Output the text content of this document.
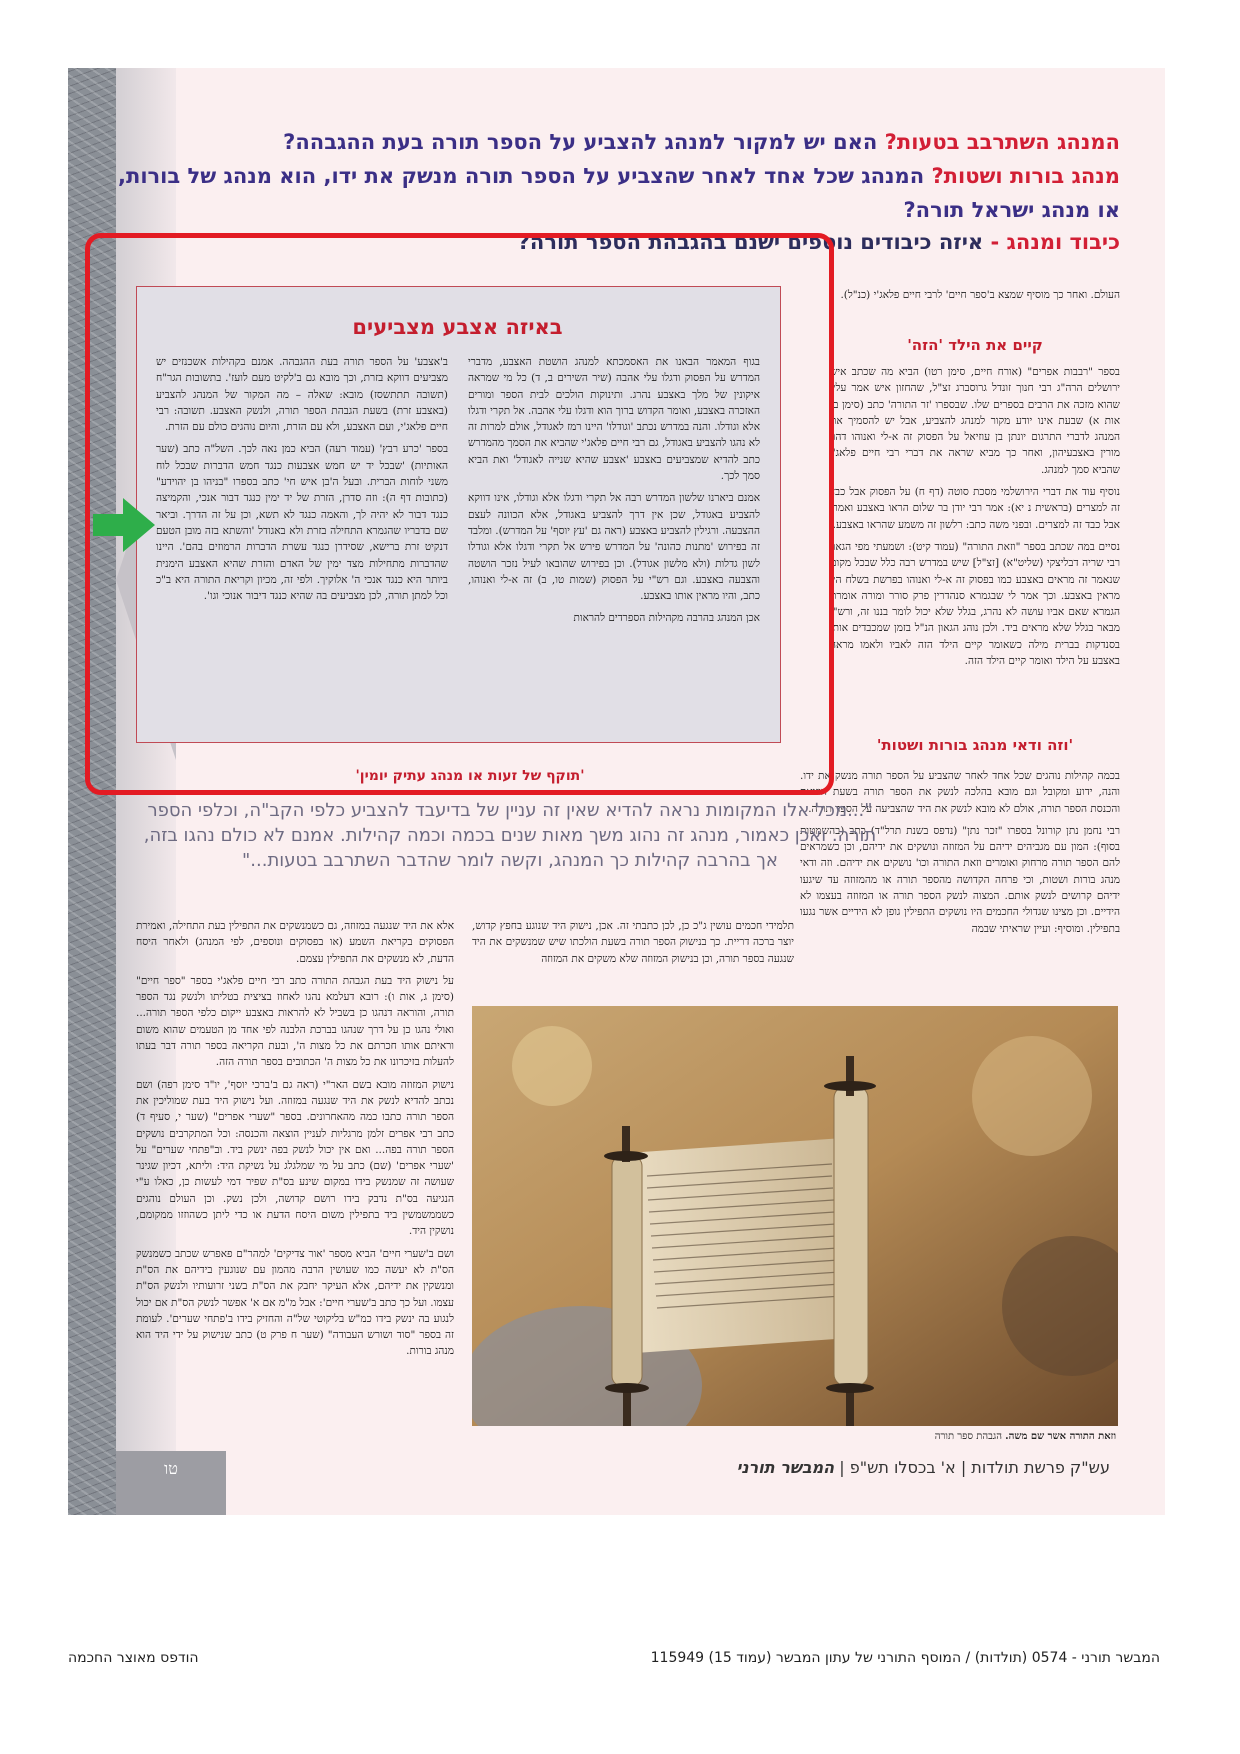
המנהג השתרבב בטעות? האם יש למקור למנהג להצביע על הספר תורה בעת ההגבהה?
מנהג בורות ושטות? המנהג שכל אחד לאחר שהצביע על הספר תורה מנשק את ידו, הוא מנהג של בורות,
או מנהג ישראל תורה?
כיבוד ומנהג - איזה כיבודים נוספים ישנם בהגבהת הספר תורה?

העולם. ואחר כך מוסיף שמצא ב'ספר חיים' לרבי חיים פלאג'י (כנ"ל).

קיים את הילד 'הזה'

בספר "רבבות אפרים" (אורח חיים, סימן רטו) הביא מה שכתב איש ירושלים הרה"ג רבי חנוך זונדל גרוסברג זצ"ל, שהחזון איש אמר עליו שהוא מזכה את הרבים בספרים שלו. שבספרו 'זר התורה' כתב (סימן ב, אות א) שבעת אינו יודע מקור למנהג להצביע, אבל יש להסמיך את המנהג לדברי התרגום יונתן בן עוזיאל על הפסוק זה א-לי ואנוהו דהוו מורין באצבעיהון, ואחר כך מביא שראה את דברי רבי חיים פלאג'י שהביא סמך למנהג.

נוסיף עוד את דברי הירושלמי מסכת סוטה (דף ח) על הפסוק אבל כבד זה למצרים (בראשית נ יא): אמר רבי יודן בר שלום הראו באצבע ואמרו אבל כבד זה למצרים. ובפני משה כתב: רלשון זה משמע שהראו באצבע.

נסיים במה שכתב בספר "וזאת התורה" (עמוד קיט): ושמעתי מפי הגאון רבי שריה דבליצקי (שליט"א) [זצ"ל] שיש במדרש רבה כלל שבכל מקום שנאמר זה מראים באצבע כמו בפסוק זה א-לי ואנוהו בפרשת בשלח היו מראין באצבע. וכך אמר לי שבגמרא סנהדרין פרק סורר ומורה אומרת הגמרא שאם אביו עושה לא נהרג, בגלל שלא יכול לומר בננו זה, ורש"י מבאר בגלל שלא מראים ביד. ולכן נוהג הגאון הנ"ל בזמן שמכבדים אותו בסנדקות בברית מילה כשאומר קיים הילד הזה לאביו ולאמו מראה באצבע על הילד ואומר קיים הילד הזה.

'וזה ודאי מנהג בורות ושטות'

בכמה קהילות נוהגים שכל אחד לאחר שהצביע על הספר תורה מנשק את ידו. והנה, ידוע ומקובל וגם מובא בהלכה לנשק את הספר תורה בשעת הוצאת והכנסת הספר תורה, אולם לא מובא לנשק את היד שהצביעה על הספר תורה.

רבי נחמן נתן קורונל בספרו "זכר נתן" (נדפס בשנת תרל"ד) כתב (בהשמטות בסוף): המון עם מגביהים ידיהם על המזוזה ונושקים את ידיהם, וכן כשמראים להם הספר תורה מרחוק ואומרים וזאת התורה וכו' נושקים את ידיהם. וזה ודאי מנהג בורות ושטות, וכי פרחה הקדושה מהספר תורה או מהמזוזה עד שיגעו ידיהם קרושים לנשק אותם. המצוה לנשק הספר תורה או המזוזה בעצמו לא הידיים. וכן מצינו שגדולי החכמים היו נושקים התפילין גופן לא הידיים אשר נגעו בתפילין. ומוסיף: ועיין שראיתי שבמה

באיזה אצבע מצביעים

בגוף המאמר הבאנו את האסמכתא למנהג הושטת האצבע, מדברי המדרש על הפסוק ודגלו עלי אהבה (שיר השירים ב, ד) כל מי שמראה איקונין של מלך באצבע נהרג. ותינוקות הולכים לבית הספר ומורים האזכרה באצבע, ואומר הקדוש ברוך הוא ודגלו עלי אהבה. אל תקרי ודגלו אלא וגודלו. והנה במדרש נכתב 'וגודלו' היינו רמז לאגודל, אולם למרות זה לא נהגו להצביע באגודל, גם רבי חיים פלאג'י שהביא את הסמך מהמדרש כתב להדיא שמצביעים באצבע 'אצבע שהיא שנייה לאגודל' ואת הביא סמך לכך.

אמנם ביארנו שלשון המדרש רבה אל תקרי ודגלו אלא וגודלו, אינו דווקא להצביע באגודל, שכן אין דרך להצביע באגודל, אלא הכוונה לעצם ההצבעה. ורגילין להצביע באצבע (ראה גם 'עץ יוסף' על המדרש). ומלבד זה בפירוש 'מתנות כהונה' על המדרש פירש אל תקרי ודגלו אלא וגודלו לשון גדלות (ולא מלשון אגודל). וכן בפירוש שהובאו לעיל נזכר הושטה והצבעה באצבע. וגם רש"י על הפסוק (שמות טו, ב) זה א-לי ואנוהו, כתב, והיו מראין אותו באצבע.

אכן המנהג בהרבה מקהילות הספרדים להראות

ב'אצבע' על הספר תורה בעת ההגבהה. אמנם בקהילות אשכנזים יש מצביעים דווקא בזרת, וכך מובא גם ב'לקיט מעם לועז'. בתשובות הגר"ח (תשובה תתתשסז) מובא: שאלה – מה המקור של המנהג להצביע (באצבע זרת) בשעת הגבהת הספר תורה, ולנשק האצבע. תשובה: רבי חיים פלאג'י, ועם האצבע, ולא עם הזרת, והיום נוהגים כולם עם הזרת.

בספר 'כרע רבץ' (עמוד רעה) הביא כמן נאה לכך. השל"ה כתב (שער האותיות) 'שבכל יד יש חמש אצבעות כנגד חמש הדברות שבכל לוח משני לוחות הברית. ובעל ה'בן איש חי' כתב בספרו "בניהו בן יהוידע" (כתובות דף ה): וזה סדרן, הזרת של יד ימין כנגד דבור אנכי, והקמיצה כנגד דבור לא יהיה לך, והאמה כנגד לא תשא, וכן על זה הדרך. וביאר שם בדבריו שהגמרא התחילה בזרת ולא באגודל 'והשתא בזה מובן הטעם דנקיט זרת ברישא, שסידרן כנגד עשרת הדברות הרמוזים בהם'. היינו שהדברות מתחילות מצד ימין של האדם והזרת שהיא האצבע הימנית ביותר היא כנגד אנכי ה' אלוקיך. ולפי זה, מכיון וקריאת התורה היא ב"כ וכל למתן תורה, לכן מצביעים בה שהיא כנגד דיבור אנוכי וגו'.

'תוקף של זעות או מנהג עתיק יומין'
"...מכל אלו המקומות נראה להדיא שאין זה עניין של בדיעבד להצביע כלפי הקב"ה, וכלפי הספר תורה. ואכן כאמור, מנהג זה נהוג משך מאות שנים בכמה וכמה קהילות. אמנם לא כולם נהגו בזה, אך בהרבה קהילות כך המנהג, וקשה לומר שהדבר השתרבב בטעות..."
תלמידי חכמים עושין ג"כ כן, לכן כתבתי זה. אכן, נישוק היד שנוגע בחפץ קדוש, יוצר ברכה דריית. כך בנישוק הספר תורה בשעת הולכתו שיש שמנשקים את היד שנגעה בספר תורה, וכן בנישוק המזוזה שלא משקים את המזוזה

אלא את היד שנגעה במזוזה, גם כשמנשקים את התפילין בעת התחילה, ואמירת הפסוקים בקריאת השמע (או בפסוקים ונוספים, לפי המנהג) ולאחר היסח הדעת, לא מנשקים את התפילין עצמם.

על נישוק היד בעת הגבהת התורה כתב רבי חיים פלאג'י בספר "ספר חיים" (סימן ג, אות ו): רובא דעלמא נהגו לאחוז בציצית בטליתו ולנשק נגד הספר תורה, והוראה דנהגו כן בשביל לא להראות באצבע ייקום כלפי הספר תורה... ואולי נהגו כן על דרך שנהגו בברכת הלבנה לפי אחד מן הטעמים שהוא משום וראיתם אותו חכרתם את כל מצות ה', ובעת הקריאה בספר תורה דבר בעתו להעלות בזיכרונו את כל מצות ה' הכתובים בספר תורה הזה.

נישוק המזוזה מובא בשם האר"י (ראה גם ב'ברכי יוסף', יו"ד סימן רפה) ושם נכתב להדיא לנשק את היד שנגעה במזוזה. ועל נישוק היד בעת שמוליכין את הספר תורה כתבו כמה מהאחרונים. בספר "שערי אפרים" (שער י, סעיף ד) כתב רבי אפרים זלמן מרגליות לעניין הוצאה והכנסה: וכל המתקרבים נושקים הספר תורה בפה... ואם אין יכול לנשק בפה ינשק ביד. וב"פתחי שערים" על 'שערי אפרים' (שם) כתב על מי שמלגלג על נשיקת היד: וליתא, דכיון שגינר שעושה זה שמנשק בידו במקום שינע בס"ת שפיר דמי לעשות כן, כאלו ע"י הנגיעה בס"ת נדבק בידו רושם קדושה, ולכן נשק. וכן העולם נוהגים כשממשמשין ביד בתפילין משום היסח הדעת או כדי ליתן כשהוזזו ממקומם, נושקין היד.

ושם ב'שערי חיים' הביא מספר 'אור צדיקים' למהר"ם פאפרש שכתב כשמנשק הס"ת לא יעשה כמו שעושין הרבה מהמון עם שנוגעין בידיהם את הס"ת ומנשקין את ידיהם, אלא העיקר יחבק את הס"ת בשני זרועותיו ולנשק הס"ת עצמו. ועל כך כתב ב'שערי חיים': אבל מ"מ אם א' אפשר לנשק הס"ת אם יכול לנגוע בה ינשק בידו כמ"ש בליקוטי של"ה והחזיק בידו ב'פתחי שערים'. לעומת זה בספר "סוד ושורש העבודה" (שער ח פרק ט) כתב שנישוק על ידי היד הוא מנהג בורות.

וזאת התורה אשר שם משה. הגבהת ספר תורה
טו	עש"ק פרשת תולדות | א' בכסלו תש"פ | המבשר תורני
המבשר תורני - 0574 (תולדות) / המוסף התורני של עתון המבשר (עמוד 15) 115949
הודפס מאוצר החכמה
